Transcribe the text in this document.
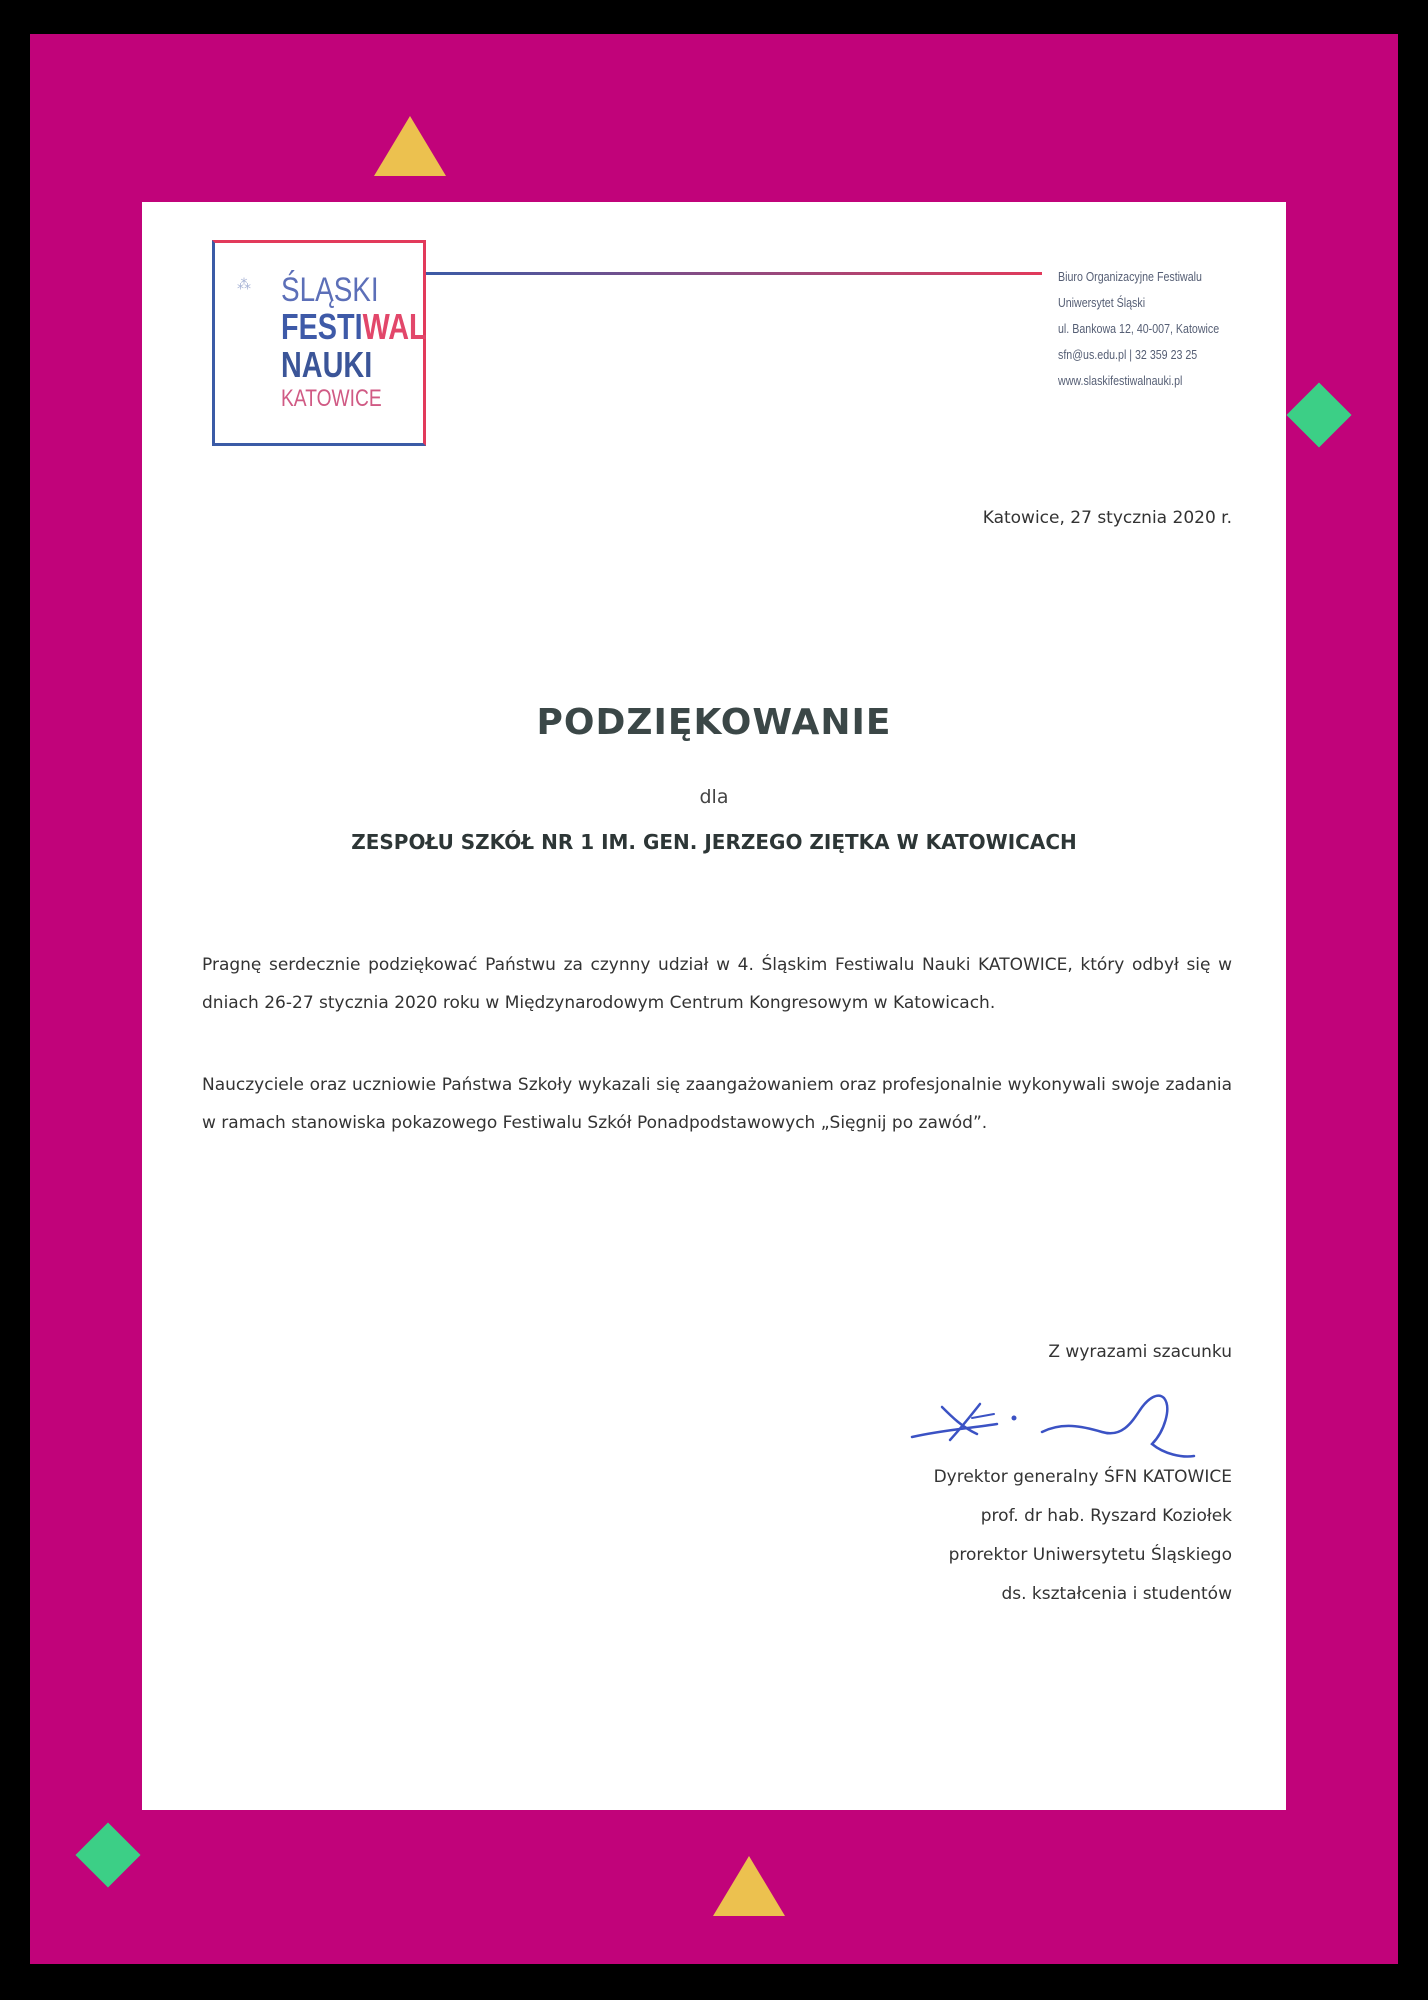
⁂ ŚLĄSKI
FESTIWAL
NAUKI
KATOWICE
Biuro Organizacyjne Festiwalu
Uniwersytet Śląski
ul. Bankowa 12, 40-007, Katowice
sfn@us.edu.pl | 32 359 23 25
www.slaskifestiwalnauki.pl
Katowice, 27 stycznia 2020 r.
PODZIĘKOWANIE
dla
ZESPOŁU SZKÓŁ NR 1 IM. GEN. JERZEGO ZIĘTKA W KATOWICACH
Pragnę serdecznie podziękować Państwu za czynny udział w 4. Śląskim Festiwalu Nauki KATOWICE, który odbył się w dniach 26-27 stycznia 2020 roku w Międzynarodowym Centrum Kongresowym w Katowicach.
Nauczyciele oraz uczniowie Państwa Szkoły wykazali się zaangażowaniem oraz profesjonalnie wykonywali swoje zadania w ramach stanowiska pokazowego Festiwalu Szkół Ponadpodstawowych „Sięgnij po zawód”.
Z wyrazami szacunku
Dyrektor generalny ŚFN KATOWICE
prof. dr hab. Ryszard Koziołek
prorektor Uniwersytetu Śląskiego
ds. kształcenia i studentów
